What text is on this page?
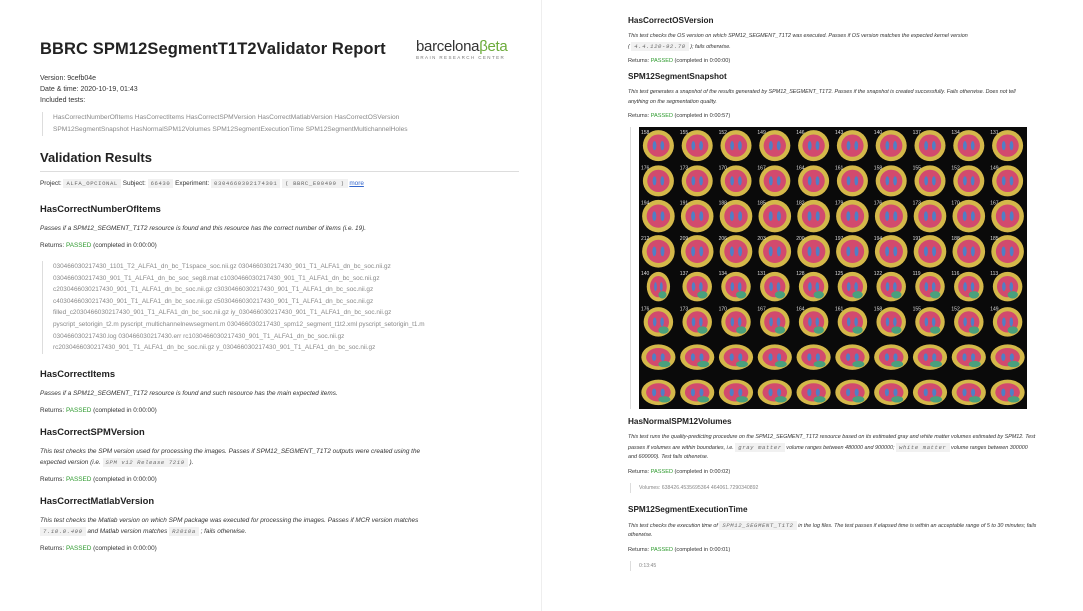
BBRC SPM12SegmentT1T2Validator Report	barcelonaβeta
BRAIN RESEARCH CENTER
Version: 9cefb04e
Date & time: 2020-10-19, 01:43
Included tests:
HasCorrectNumberOfItems HasCorrectItems HasCorrectSPMVersion HasCorrectMatlabVersion HasCorrectOSVersion
SPM12SegmentSnapshot HasNormalSPM12Volumes SPM12SegmentExecutionTime SPM12SegmentMultichannelHoles
Validation Results
Project: ALFA_OPCIONAL Subject: 66430 Experiment: 0304660302174301 ( BBRC_E00499 ) more
HasCorrectNumberOfItems
Passes if a SPM12_SEGMENT_T1T2 resource is found and this resource has the correct number of items (i.e. 19).
Returns: PASSED (completed in 0:00:00)
030466030217430_1101_T2_ALFA1_dn_bc_T1space_soc.nii.gz 030466030217430_901_T1_ALFA1_dn_bc_soc.nii.gz
030466030217430_901_T1_ALFA1_dn_bc_soc_seg8.mat c1030466030217430_901_T1_ALFA1_dn_bc_soc.nii.gz
c2030466030217430_901_T1_ALFA1_dn_bc_soc.nii.gz c3030466030217430_901_T1_ALFA1_dn_bc_soc.nii.gz
c4030466030217430_901_T1_ALFA1_dn_bc_soc.nii.gz c5030466030217430_901_T1_ALFA1_dn_bc_soc.nii.gz
filled_c2030466030217430_901_T1_ALFA1_dn_bc_soc.nii.gz iy_030466030217430_901_T1_ALFA1_dn_bc_soc.nii.gz
pyscript_setorigin_t2.m pyscript_multichannelnewsegment.m 030466030217430_spm12_segment_t1t2.xml pyscript_setorigin_t1.m
030466030217430.log 030466030217430.err rc1030466030217430_901_T1_ALFA1_dn_bc_soc.nii.gz
rc2030466030217430_901_T1_ALFA1_dn_bc_soc.nii.gz y_030466030217430_901_T1_ALFA1_dn_bc_soc.nii.gz
HasCorrectItems
Passes if a SPM12_SEGMENT_T1T2 resource is found and such resource has the main expected items.
Returns: PASSED (completed in 0:00:00)
HasCorrectSPMVersion
This test checks the SPM version used for processing the images. Passes if SPM12_SEGMENT_T1T2 outputs were created using the
expected version (i.e. SPM v12 Release 7219 ).
Returns: PASSED (completed in 0:00:00)
HasCorrectMatlabVersion
This test checks the Matlab version on which SPM package was executed for processing the images. Passes if MCR version matches
7.10.0.499 and Matlab version matches R2010a ; fails otherwise.
Returns: PASSED (completed in 0:00:00)
HasCorrectOSVersion
This test checks the OS version on which SPM12_SEGMENT_T1T2 was executed. Passes if OS version matches the expected kernel version
( 4.4.120-92.70 ); fails otherwise.
Returns: PASSED (completed in 0:00:00)
SPM12SegmentSnapshot
This test generates a snapshot of the results generated by SPM12_SEGMENT_T1T2. Passes if the snapshot is created successfully. Fails otherwise. Does not tell anything on the segmentation quality.
Returns: PASSED (completed in 0:00:57)
158	155	152	149	146	143	140	137	134	131
176	173	170	167	164	161	158	155	152	149
194	191	188	185	182	179	176	173	170	167
212	209	206	203	200	197	194	191	188	185
140	137	134	131	128	125	122	119	116	113
176	173	170	167	164	161	158	155	152	149
HasNormalSPM12Volumes
This test runs the quality-predicting procedure on the SPM12_SEGMENT_T1T2 resource based on its estimated gray and white matter volumes estimated by SPM12. Test passes if volumes are within boundaries, i.e. gray matter volume ranges between 480000 and 900000; white matter volume ranges between 300000 and 600000). Test fails otherwise.
Returns: PASSED (completed in 0:00:02)
Volumes: 638426.4535695364 464061.7290340892
SPM12SegmentExecutionTime
This test checks the execution time of SPM12_SEGMENT_T1T2 in the log files. The test passes if elapsed time is within an acceptable range of 5 to 30 minutes; fails otherwise.
Returns: PASSED (completed in 0:00:01)
0:13:45
